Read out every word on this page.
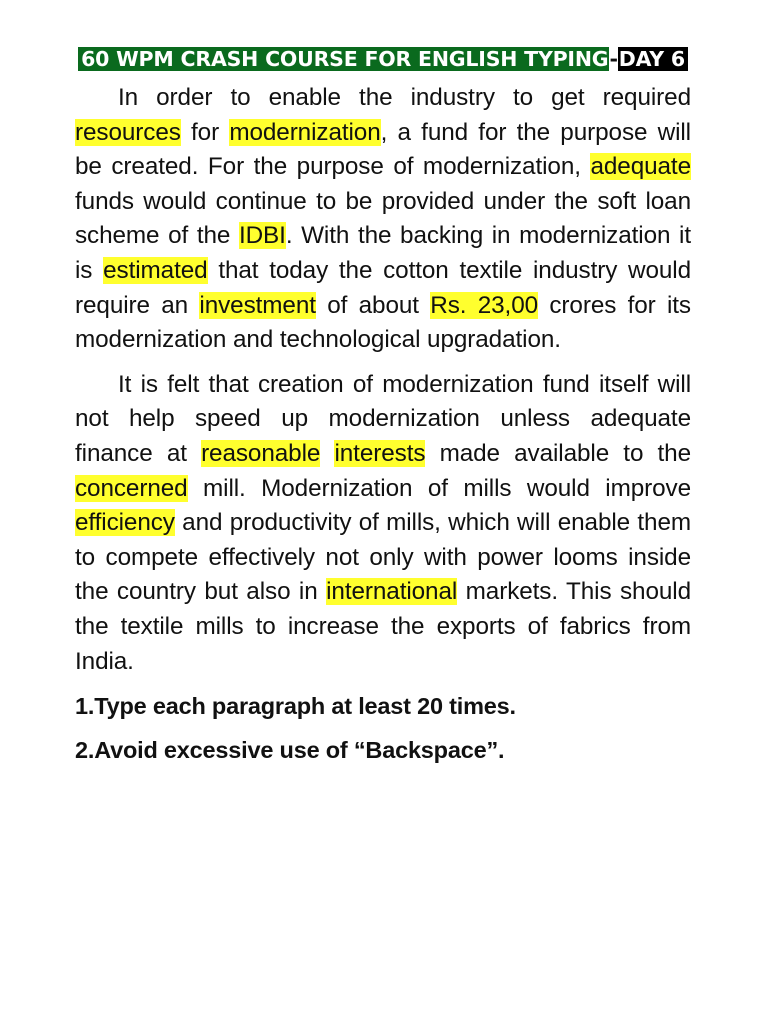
60 WPM CRASH COURSE FOR ENGLISH TYPING-DAY 6

In order to enable the industry to get required resources for modernization, a fund for the purpose will be created. For the purpose of modernization, adequate funds would continue to be provided under the soft loan scheme of the IDBI. With the backing in modernization it is estimated that today the cotton textile industry would require an investment of about Rs. 23,00 crores for its modernization and technological upgradation.

It is felt that creation of modernization fund itself will not help speed up modernization unless adequate finance at reasonable interests made available to the concerned mill. Modernization of mills would improve efficiency and productivity of mills, which will enable them to compete effectively not only with power looms inside the country but also in international markets. This should the textile mills to increase the exports of fabrics from India.

1.Type each paragraph at least 20 times.

2.Avoid excessive use of “Backspace”.
